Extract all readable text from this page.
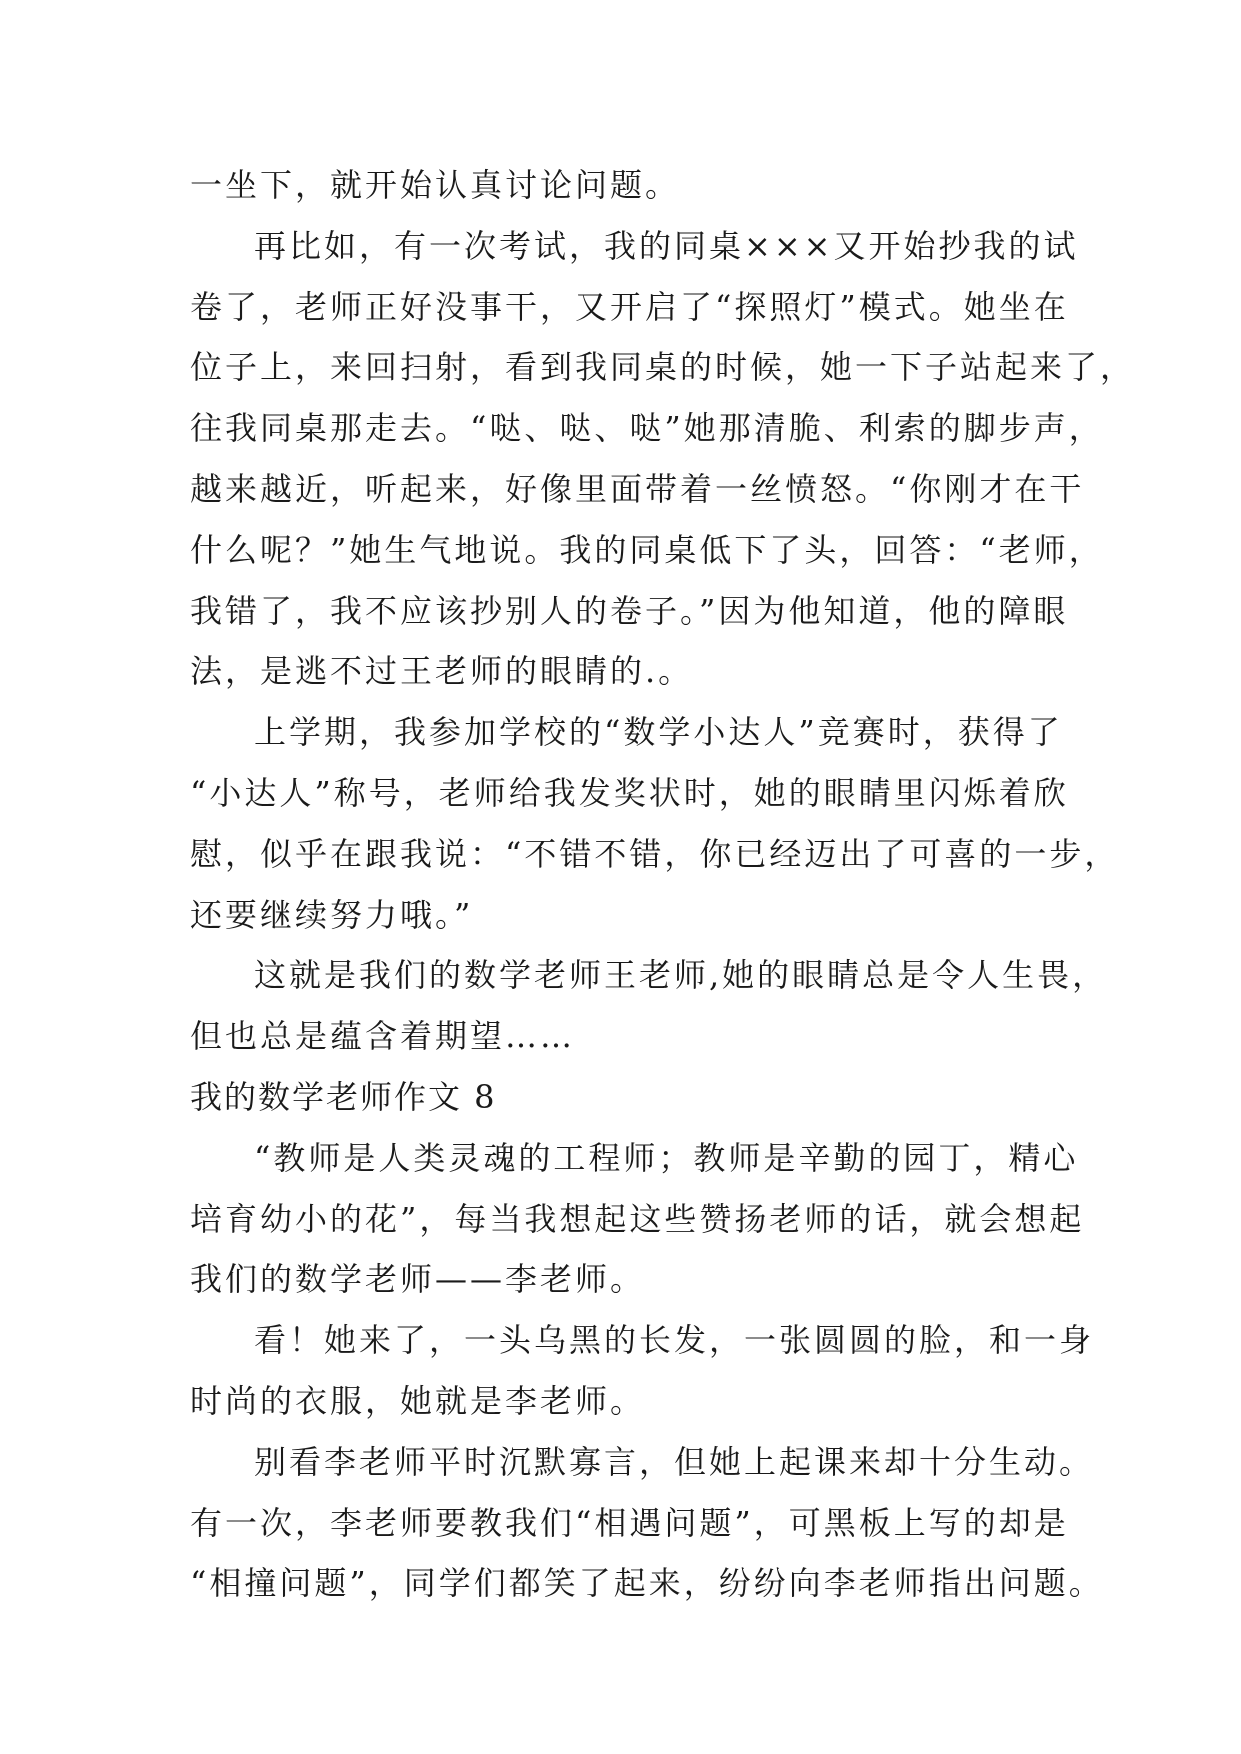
一坐下，就开始认真讨论问题。

再比如，有一次考试，我的同桌×××又开始抄我的试
卷了，老师正好没事干，又开启了“探照灯”模式。她坐在
位子上，来回扫射，看到我同桌的时候，她一下子站起来了，
往我同桌那走去。“哒、哒、哒”她那清脆、利索的脚步声，
越来越近，听起来，好像里面带着一丝愤怒。“你刚才在干
什么呢？”她生气地说。我的同桌低下了头，回答：“老师，
我错了，我不应该抄别人的卷子。”因为他知道，他的障眼
法，是逃不过王老师的眼睛的.。

上学期，我参加学校的“数学小达人”竞赛时，获得了
“小达人”称号，老师给我发奖状时，她的眼睛里闪烁着欣
慰，似乎在跟我说：“不错不错，你已经迈出了可喜的一步，
还要继续努力哦。”

这就是我们的数学老师王老师,她的眼睛总是令人生畏，
但也总是蕴含着期望……

我的数学老师作文 8

“教师是人类灵魂的工程师；教师是辛勤的园丁，精心
培育幼小的花”，每当我想起这些赞扬老师的话，就会想起
我们的数学老师——李老师。

看！她来了，一头乌黑的长发，一张圆圆的脸，和一身
时尚的衣服，她就是李老师。

别看李老师平时沉默寡言，但她上起课来却十分生动。
有一次，李老师要教我们“相遇问题”，可黑板上写的却是
“相撞问题”，同学们都笑了起来，纷纷向李老师指出问题。
